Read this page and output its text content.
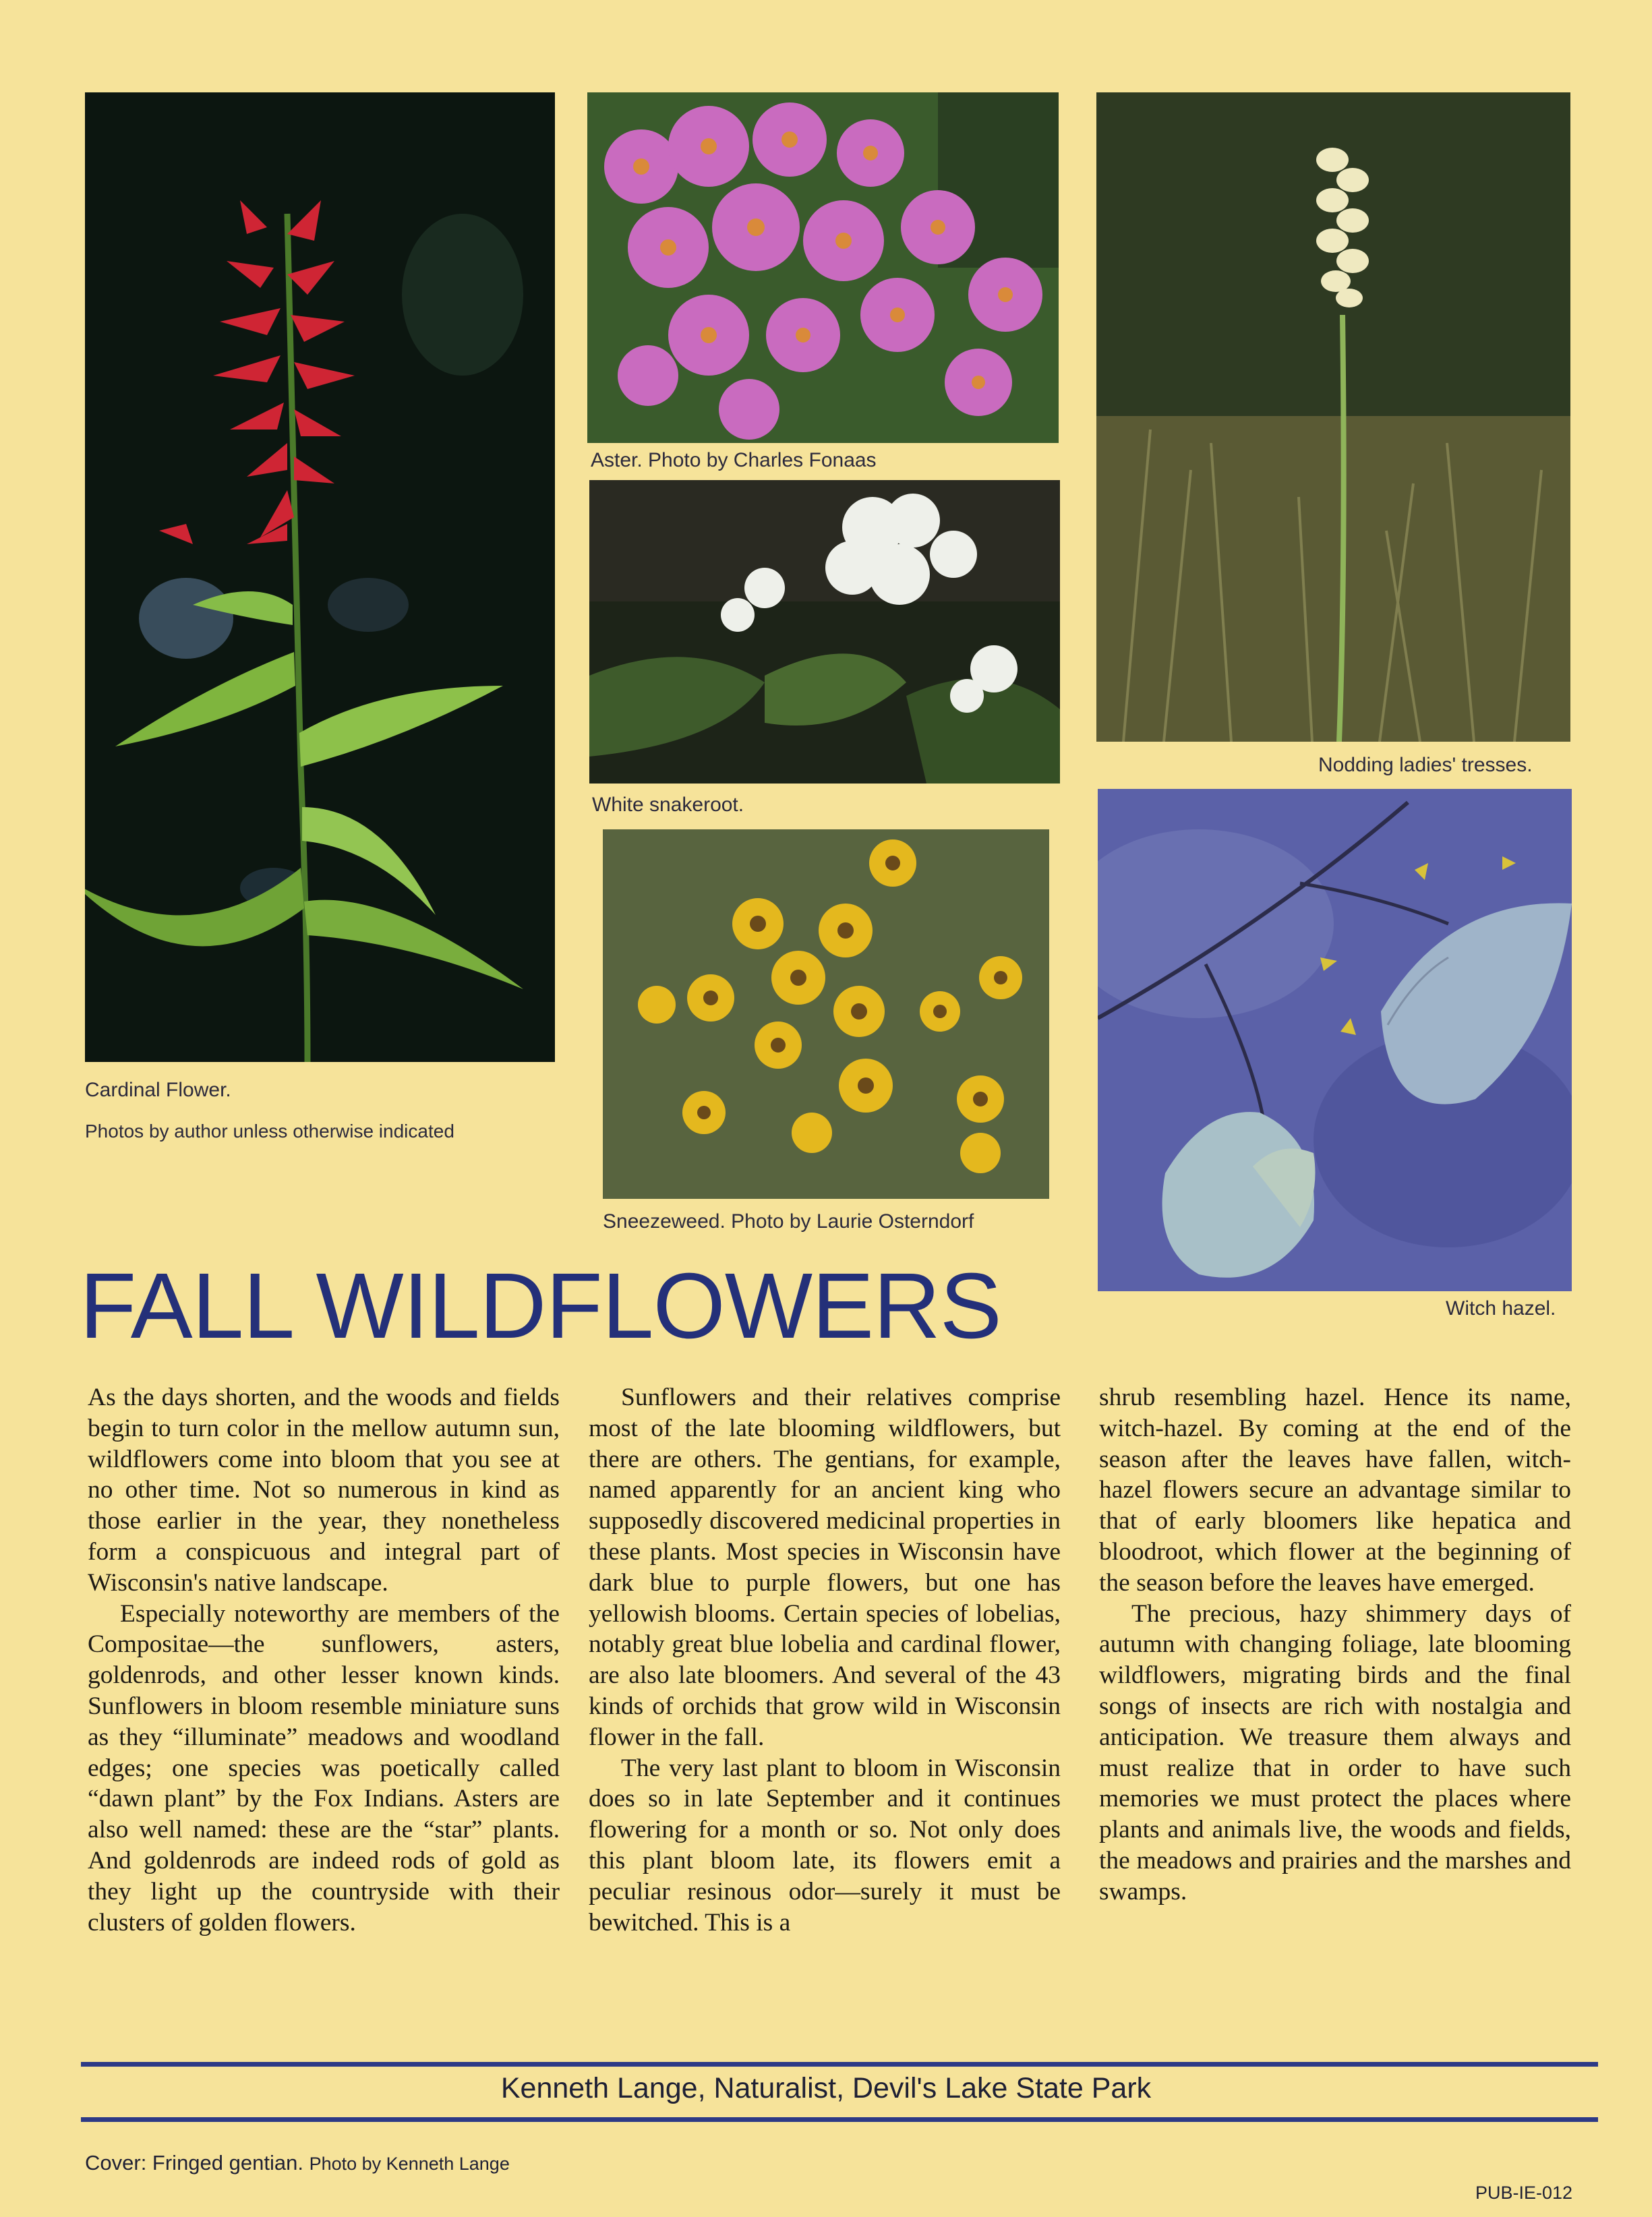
Cardinal Flower.
Photos by author unless otherwise indicated
Aster. Photo by Charles Fonaas
White snakeroot.
Sneezeweed. Photo by Laurie Osterndorf
Nodding ladies' tresses.
Witch hazel.
FALL WILDFLOWERS

As the days shorten, and the woods and fields begin to turn color in the mellow autumn sun, wildflowers come into bloom that you see at no other time. Not so numerous in kind as those earlier in the year, they nonetheless form a conspicuous and integral part of Wisconsin's native landscape.

Especially noteworthy are members of the Compositae—the sunflowers, asters, goldenrods, and other lesser known kinds. Sunflowers in bloom resemble miniature suns as they “illuminate” meadows and woodland edges; one species was poetically called “dawn plant” by the Fox Indians. Asters are also well named: these are the “star” plants. And goldenrods are indeed rods of gold as they light up the countryside with their clusters of golden flowers.

Sunflowers and their relatives comprise most of the late blooming wildflowers, but there are others. The gentians, for example, named apparently for an ancient king who supposedly discovered medicinal properties in these plants. Most species in Wisconsin have dark blue to purple flowers, but one has yellowish blooms. Certain species of lobelias, notably great blue lobelia and cardinal flower, are also late bloomers. And several of the 43 kinds of orchids that grow wild in Wisconsin flower in the fall.

The very last plant to bloom in Wisconsin does so in late September and it continues flowering for a month or so. Not only does this plant bloom late, its flowers emit a peculiar resinous odor—surely it must be bewitched. This is a

shrub resembling hazel. Hence its name, witch-hazel. By coming at the end of the season after the leaves have fallen, witch-hazel flowers secure an advantage similar to that of early bloomers like hepatica and bloodroot, which flower at the beginning of the season before the leaves have emerged.

The precious, hazy shimmery days of autumn with changing foliage, late blooming wildflowers, migrating birds and the final songs of insects are rich with nostalgia and anticipation. We treasure them always and must realize that in order to have such memories we must protect the places where plants and animals live, the woods and fields, the meadows and prairies and the marshes and swamps.

Kenneth Lange, Naturalist, Devil's Lake State Park
Cover: Fringed gentian. Photo by Kenneth Lange
PUB-IE-012
